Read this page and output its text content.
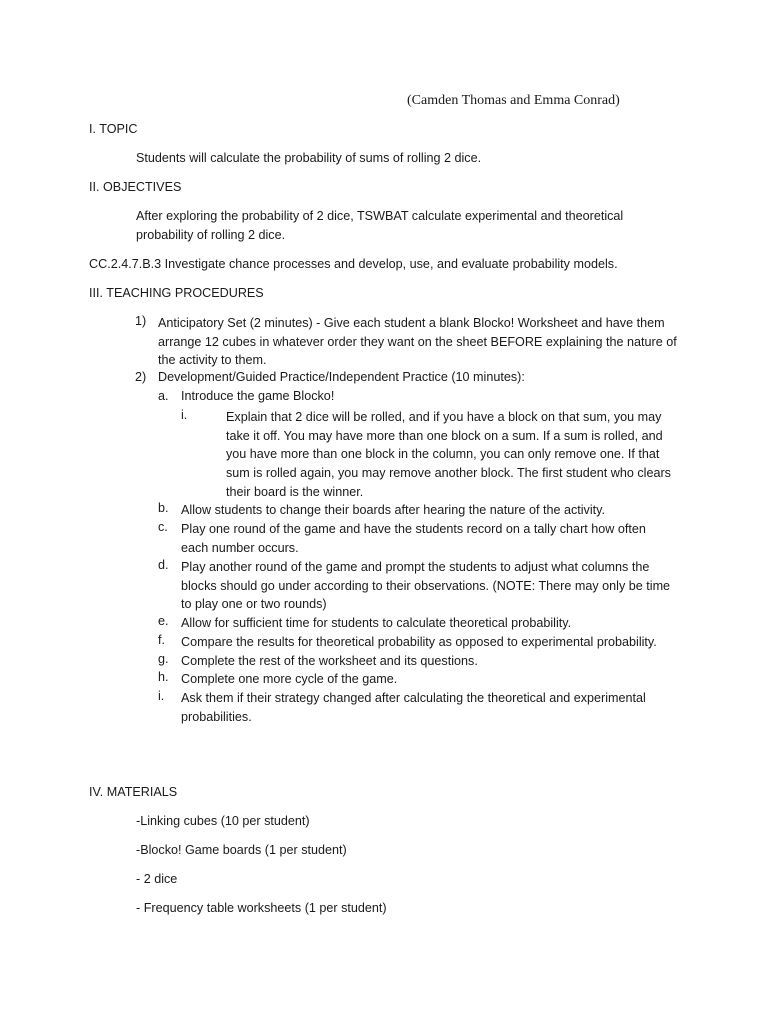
(Camden Thomas and Emma Conrad)
I. TOPIC
Students will calculate the probability of sums of rolling 2 dice.
II. OBJECTIVES
After exploring the probability of 2 dice, TSWBAT calculate experimental and theoretical
probability of rolling 2 dice.
CC.2.4.7.B.3 Investigate chance processes and develop, use, and evaluate probability models.
III. TEACHING PROCEDURES
1) Anticipatory Set (2 minutes) - Give each student a blank Blocko! Worksheet and have them
arrange 12 cubes in whatever order they want on the sheet BEFORE explaining the nature of
the activity to them.
2) Development/Guided Practice/Independent Practice (10 minutes):
a. Introduce the game Blocko!
i.	Explain that 2 dice will be rolled, and if you have a block on that sum, you may
take it off. You may have more than one block on a sum. If a sum is rolled, and
you have more than one block in the column, you can only remove one. If that
sum is rolled again, you may remove another block. The first student who clears
their board is the winner.
b. Allow students to change their boards after hearing the nature of the activity.
c. Play one round of the game and have the students record on a tally chart how often
each number occurs.
d. Play another round of the game and prompt the students to adjust what columns the
blocks should go under according to their observations. (NOTE: There may only be time
to play one or two rounds)
e. Allow for sufficient time for students to calculate theoretical probability.
f. Compare the results for theoretical probability as opposed to experimental probability.
g. Complete the rest of the worksheet and its questions.
h. Complete one more cycle of the game.
i. Ask them if their strategy changed after calculating the theoretical and experimental
probabilities.
IV. MATERIALS
-Linking cubes (10 per student)
-Blocko! Game boards (1 per student)
- 2 dice
- Frequency table worksheets (1 per student)
